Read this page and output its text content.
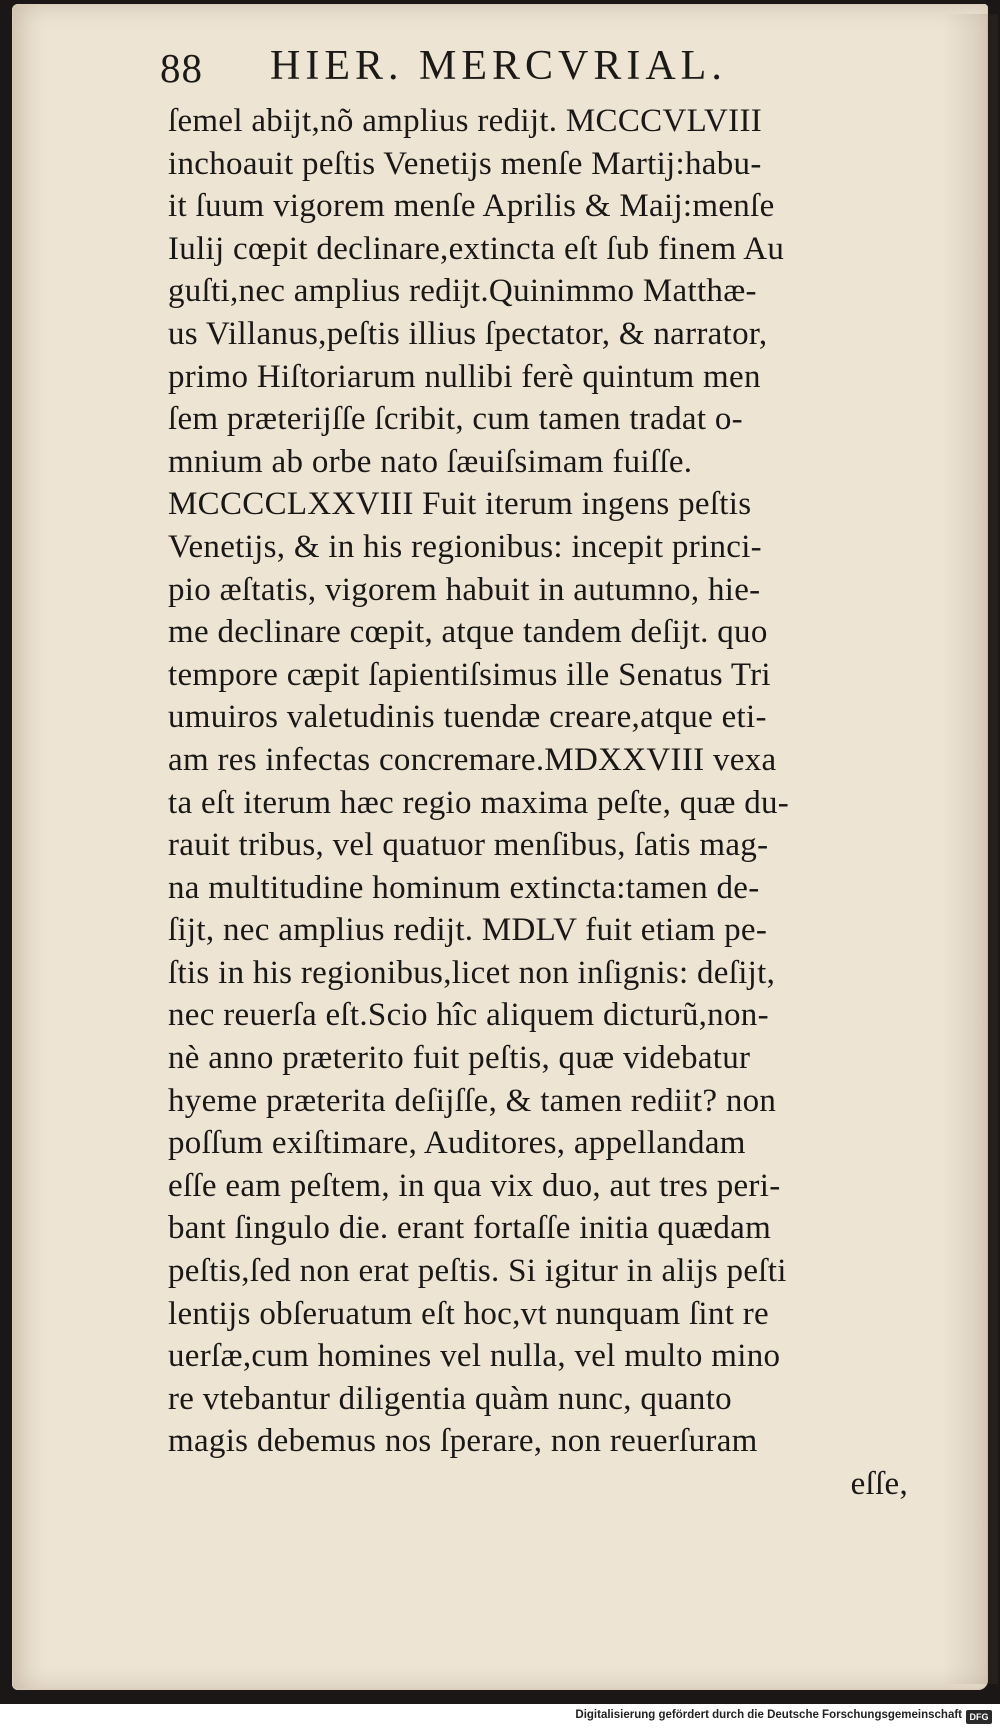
88 HIER. MERCVRIAL.
ſemel abijt,nõ amplius redijt. MCCCVLVIII
inchoauit peſtis Venetijs menſe Martij:habu-
it ſuum vigorem menſe Aprilis & Maij:menſe
Iulij cœpit declinare,extincta eſt ſub finem Au
guſti,nec amplius redijt.Quinimmo Matthæ-
us Villanus,peſtis illius ſpectator, & narrator,
primo Hiſtoriarum nullibi ferè quintum men
ſem præterijſſe ſcribit, cum tamen tradat o-
mnium ab orbe nato ſæuiſsimam fuiſſe.
MCCCCLXXVIII Fuit iterum ingens peſtis
Venetijs, & in his regionibus: incepit princi-
pio æſtatis, vigorem habuit in autumno, hie-
me declinare cœpit, atque tandem deſijt. quo
tempore cæpit ſapientiſsimus ille Senatus Tri
umuiros valetudinis tuendæ creare,atque eti-
am res infectas concremare.MDXXVIII vexa
ta eſt iterum hæc regio maxima peſte, quæ du-
rauit tribus, vel quatuor menſibus, ſatis mag-
na multitudine hominum extincta:tamen de-
ſijt, nec amplius redijt. MDLV fuit etiam pe-
ſtis in his regionibus,licet non inſignis: deſijt,
nec reuerſa eſt.Scio hîc aliquem dicturũ,non-
nè anno præterito fuit peſtis, quæ videbatur
hyeme præterita deſijſſe, & tamen rediit? non
poſſum exiſtimare, Auditores, appellandam
eſſe eam peſtem, in qua vix duo, aut tres peri-
bant ſingulo die. erant fortaſſe initia quædam
peſtis,ſed non erat peſtis. Si igitur in alijs peſti
lentijs obſeruatum eſt hoc,vt nunquam ſint re
uerſæ,cum homines vel nulla, vel multo mino
re vtebantur diligentia quàm nunc, quanto
magis debemus nos ſperare, non reuerſuram
eſſe,
Digitalisierung gefördert durch die Deutsche Forschungsgemeinschaft DFG
